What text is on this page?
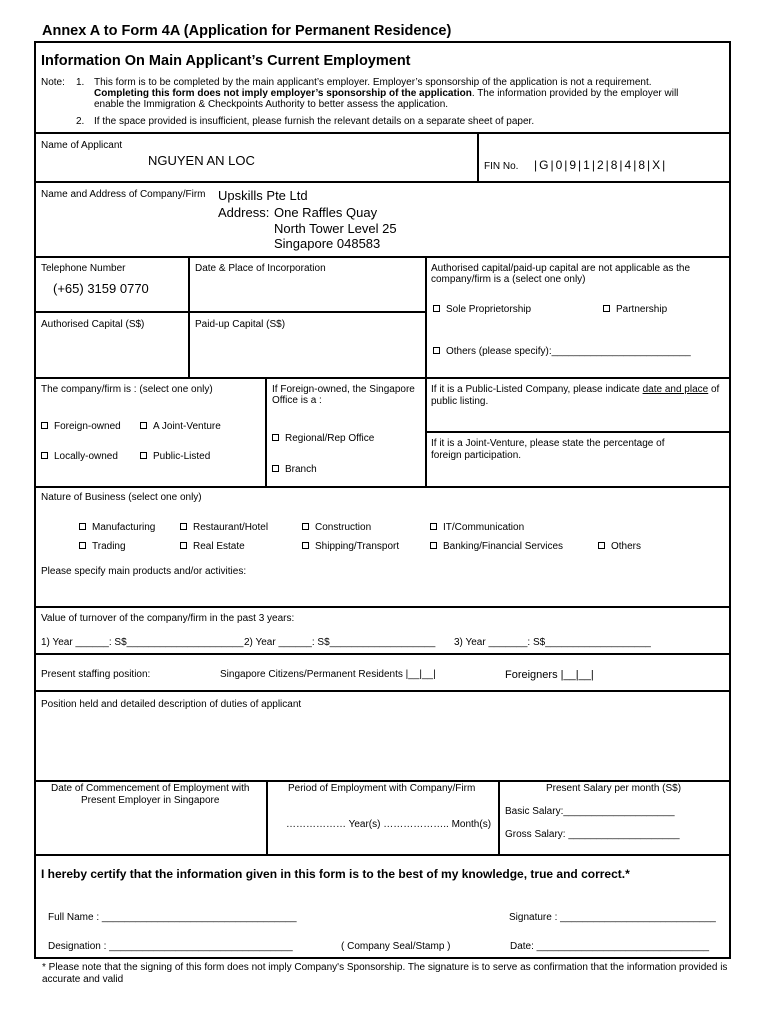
Annex A to Form 4A (Application for Permanent Residence)
Information On Main Applicant’s Current Employment
Note: 1. This form is to be completed by the main applicant’s employer. Employer’s sponsorship of the application is not a requirement.
Completing this form does not imply employer’s sponsorship of the application. The information provided by the employer will
enable the Immigration & Checkpoints Authority to better assess the application.
2. If the space provided is insufficient, please furnish the relevant details on a separate sheet of paper.
Name of Applicant
NGUYEN AN LOC	FIN No. |G|0|9|1|2|8|4|8|X|
Name and Address of Company/Firm Upskills Pte Ltd
Address: One Raffles Quay
North Tower Level 25
Singapore 048583
Telephone Number
(+65) 3159 0770
Date & Place of Incorporation	Authorised capital/paid-up capital are not applicable as the
company/firm is a (select one only)
Sole Proprietorship	Partnership
Others (please specify):_________________________
Authorised Capital (S$)	Paid-up Capital (S$)
The company/firm is : (select one only)
Foreign-owned	A Joint-Venture
Locally-owned	Public-Listed
If Foreign-owned, the Singapore
Office is a :
Regional/Rep Office
Branch
If it is a Public-Listed Company, please indicate date and place of
public listing.
If it is a Joint-Venture, please state the percentage of
foreign participation.
Nature of Business (select one only)
Manufacturing	Restaurant/Hotel	Construction	IT/Communication
Trading	Real Estate	Shipping/Transport	Banking/Financial Services	Others
Please specify main products and/or activities:
Value of turnover of the company/firm in the past 3 years:
1) Year ______: S$_____________________ 2) Year ______: S$___________________ 3) Year _______: S$___________________
Present staffing position:	Singapore Citizens/Permanent Residents |__|__|	Foreigners |__|__|
Position held and detailed description of duties of applicant
Date of Commencement of Employment with
Present Employer in Singapore
Period of Employment with Company/Firm
……………… Year(s) ……………….. Month(s)
Present Salary per month (S$)
Basic Salary:____________________
Gross Salary: ____________________
I hereby certify that the information given in this form is to the best of my knowledge, true and correct.*
Full Name : ___________________________________	Signature : ____________________________
Designation : _________________________________	( Company Seal/Stamp )	Date: _______________________________
* Please note that the signing of this form does not imply Company's Sponsorship. The signature is to serve as confirmation that the information provided is
accurate and valid
